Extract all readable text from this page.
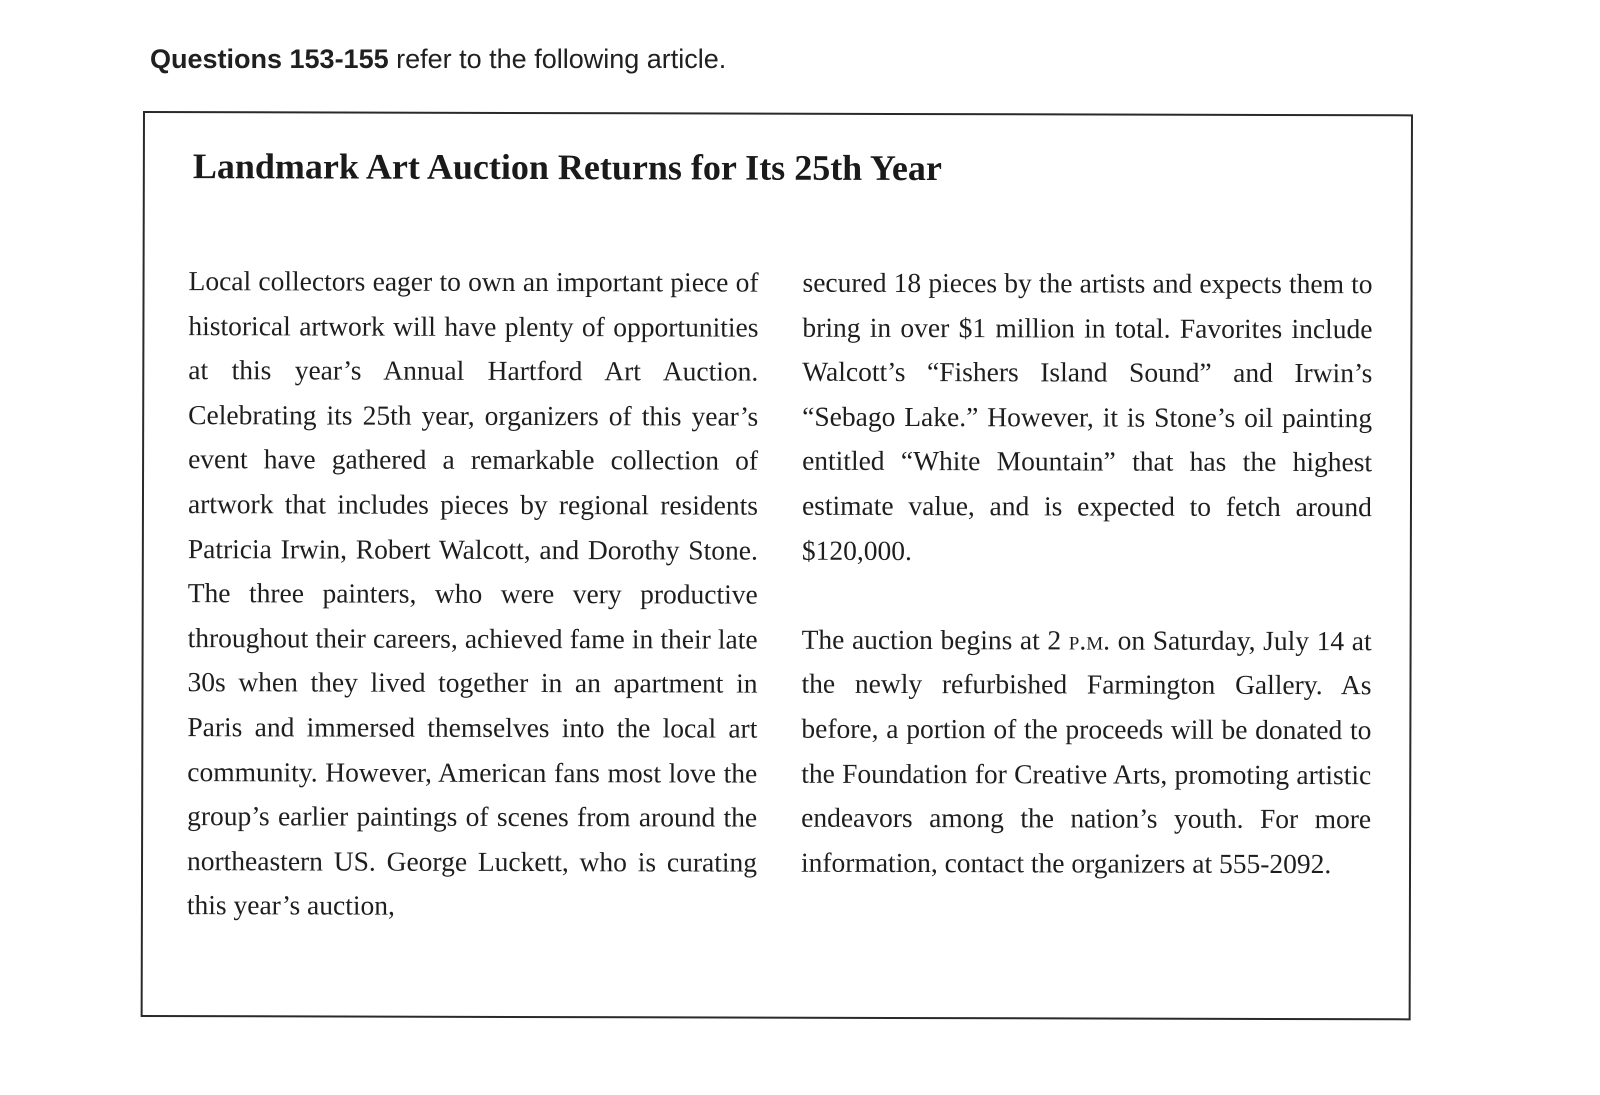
Questions 153-155 refer to the following article.
Landmark Art Auction Returns for Its 25th Year

Local collectors eager to own an important piece of historical artwork will have plenty of opportunities at this year’s Annual Hartford Art Auction. Celebrating its 25th year, organizers of this year’s event have gathered a remarkable collection of artwork that includes pieces by regional residents Patricia Irwin, Robert Walcott, and Dorothy Stone. The three painters, who were very productive throughout their careers, achieved fame in their late 30s when they lived together in an apartment in Paris and immersed themselves into the local art community. However, American fans most love the group’s earlier paintings of scenes from around the northeastern US. George Luckett, who is curating this year’s auction,

secured 18 pieces by the artists and expects them to bring in over $1 million in total. Favorites include Walcott’s “Fishers Island Sound” and Irwin’s “Sebago Lake.” However, it is Stone’s oil painting entitled “White Mountain” that has the highest estimate value, and is expected to fetch around $120,000.

The auction begins at 2 p.m. on Saturday, July 14 at the newly refurbished Farmington Gallery. As before, a portion of the proceeds will be donated to the Foundation for Creative Arts, promoting artistic endeavors among the nation’s youth. For more information, contact the organizers at 555-2092.
